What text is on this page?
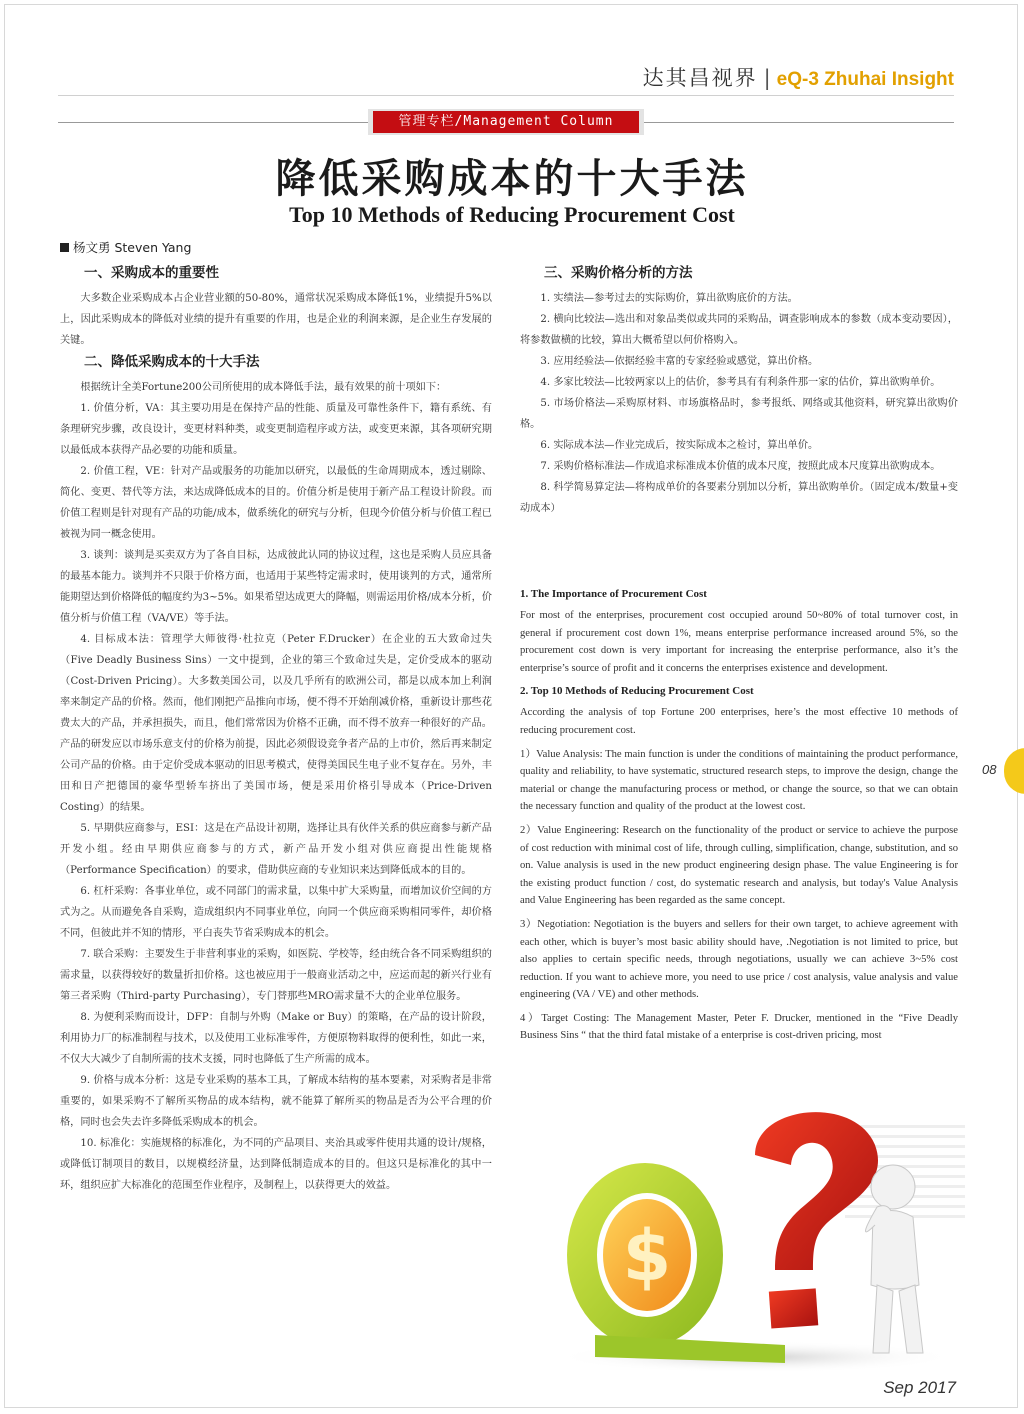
达其昌视界 | eQ-3 Zhuhai Insight
管理专栏/Management Column
降低采购成本的十大手法
Top 10 Methods of Reducing Procurement Cost
杨文勇 Steven Yang
一、采购成本的重要性

大多数企业采购成本占企业营业额的50-80%，通常状况采购成本降低1%，业绩提升5%以上，因此采购成本的降低对业绩的提升有重要的作用，也是企业的利润来源，是企业生存发展的关键。

二、降低采购成本的十大手法

根据统计全美Fortune200公司所使用的成本降低手法，最有效果的前十项如下：

1. 价值分析，VA：其主要功用是在保持产品的性能、质量及可靠性条件下，籍有系统、有条理研究步骤，改良设计，变更材料种类，或变更制造程序或方法，或变更来源，其各项研究期以最低成本获得产品必要的功能和质量。

2. 价值工程，VE：针对产品或服务的功能加以研究，以最低的生命周期成本，透过剔除、简化、变更、替代等方法，来达成降低成本的目的。价值分析是使用于新产品工程设计阶段。而价值工程则是针对现有产品的功能/成本，做系统化的研究与分析，但现今价值分析与价值工程已被视为同一概念使用。

3. 谈判：谈判是买卖双方为了各自目标，达成彼此认同的协议过程，这也是采购人员应具备的最基本能力。谈判并不只限于价格方面，也适用于某些特定需求时，使用谈判的方式，通常所能期望达到价格降低的幅度约为3~5%。如果希望达成更大的降幅，则需运用价格/成本分析，价值分析与价值工程（VA/VE）等手法。

4. 目标成本法：管理学大师彼得·杜拉克（Peter F.Drucker）在企业的五大致命过失（Five Deadly Business Sins）一文中提到，企业的第三个致命过失是，定价受成本的驱动（Cost-Driven Pricing）。大多数美国公司，以及几乎所有的欧洲公司，都是以成本加上利润率来制定产品的价格。然而，他们刚把产品推向市场，便不得不开始削减价格，重新设计那些花费太大的产品，并承担损失，而且，他们常常因为价格不正确，而不得不放弃一种很好的产品。产品的研发应以市场乐意支付的价格为前提，因此必须假设竞争者产品的上市价，然后再来制定公司产品的价格。由于定价受成本驱动的旧思考模式，使得美国民生电子业不复存在。另外，丰田和日产把德国的豪华型轿车挤出了美国市场，便是采用价格引导成本（Price-Driven Costing）的结果。

5. 早期供应商参与，ESI：这是在产品设计初期，选择让具有伙伴关系的供应商参与新产品开发小组。经由早期供应商参与的方式，新产品开发小组对供应商提出性能规格（Performance Specification）的要求，借助供应商的专业知识来达到降低成本的目的。

6. 杠杆采购：各事业单位，或不同部门的需求量，以集中扩大采购量，而增加议价空间的方式为之。从而避免各自采购，造成组织内不同事业单位，向同一个供应商采购相同零件，却价格不同，但彼此并不知的情形，平白丧失节省采购成本的机会。

7. 联合采购：主要发生于非营利事业的采购，如医院、学校等，经由统合各不同采购组织的需求量，以获得较好的数量折扣价格。这也被应用于一般商业活动之中，应运而起的新兴行业有第三者采购（Third-party Purchasing），专门替那些MRO需求量不大的企业单位服务。

8. 为便利采购而设计，DFP：自制与外购（Make or Buy）的策略，在产品的设计阶段，利用协力厂的标准制程与技术，以及使用工业标准零件，方便原物料取得的便利性，如此一来，不仅大大减少了自制所需的技术支援，同时也降低了生产所需的成本。

9. 价格与成本分析：这是专业采购的基本工具，了解成本结构的基本要素，对采购者是非常重要的，如果采购不了解所买物品的成本结构，就不能算了解所买的物品是否为公平合理的价格，同时也会失去许多降低采购成本的机会。

10. 标准化：实施规格的标准化，为不同的产品项目、夹治具或零件使用共通的设计/规格，或降低订制项目的数目，以规模经济量，达到降低制造成本的目的。但这只是标准化的其中一环，组织应扩大标准化的范围至作业程序，及制程上，以获得更大的效益。

三、采购价格分析的方法

1. 实绩法—参考过去的实际购价，算出欲购底价的方法。

2. 横向比较法—选出和对象品类似或共同的采购品，调查影响成本的参数（成本变动要因），将参数做横的比较，算出大概希望以何价格购入。

3. 应用经验法—依据经验丰富的专家经验或感觉，算出价格。

4. 多家比较法—比较两家以上的估价，参考具有有利条件那一家的估价，算出欲购单价。

5. 市场价格法—采购原材料、市场旗格品时，参考报纸、网络或其他资料，研究算出欲购价格。

6. 实际成本法—作业完成后，按实际成本之检讨，算出单价。

7. 采购价格标准法—作成追求标准成本价值的成本尺度，按照此成本尺度算出欲购成本。

8. 科学简易算定法—将构成单价的各要素分别加以分析，算出欲购单价。（固定成本/数量+变动成本）

1. The Importance of Procurement Cost

For most of the enterprises, procurement cost occupied around 50~80% of total turnover cost, in general if procurement cost down 1%, means enterprise performance increased around 5%, so the procurement cost down is very important for increasing the enterprise performance, also it’s the enterprise’s source of profit and it concerns the enterprises existence and development.

2. Top 10 Methods of Reducing Procurement Cost

According the analysis of top Fortune 200 enterprises, here’s the most effective 10 methods of reducing procurement cost.

1）Value Analysis: The main function is under the conditions of maintaining the product performance, quality and reliability, to have systematic, structured research steps, to improve the design, change the material or change the manufacturing process or method, or change the source, so that we can obtain the necessary function and quality of the product at the lowest cost.

2）Value Engineering: Research on the functionality of the product or service to achieve the purpose of cost reduction with minimal cost of life, through culling, simplification, change, substitution, and so on. Value analysis is used in the new product engineering design phase. The value Engineering is for the existing product function / cost, do systematic research and analysis, but today's Value Analysis and Value Engineering has been regarded as the same concept.

3）Negotiation: Negotiation is the buyers and sellers for their own target, to achieve agreement with each other, which is buyer’s most basic ability should have, .Negotiation is not limited to price, but also applies to certain specific needs, through negotiations, usually we can achieve 3~5% cost reduction. If you want to achieve more, you need to use price / cost analysis, value analysis and value engineering (VA / VE) and other methods.

4）Target Costing: The Management Master, Peter F. Drucker, mentioned in the “Five Deadly Business Sins “ that the third fatal mistake of a enterprise is cost-driven pricing, most

08
$
Sep 2017
